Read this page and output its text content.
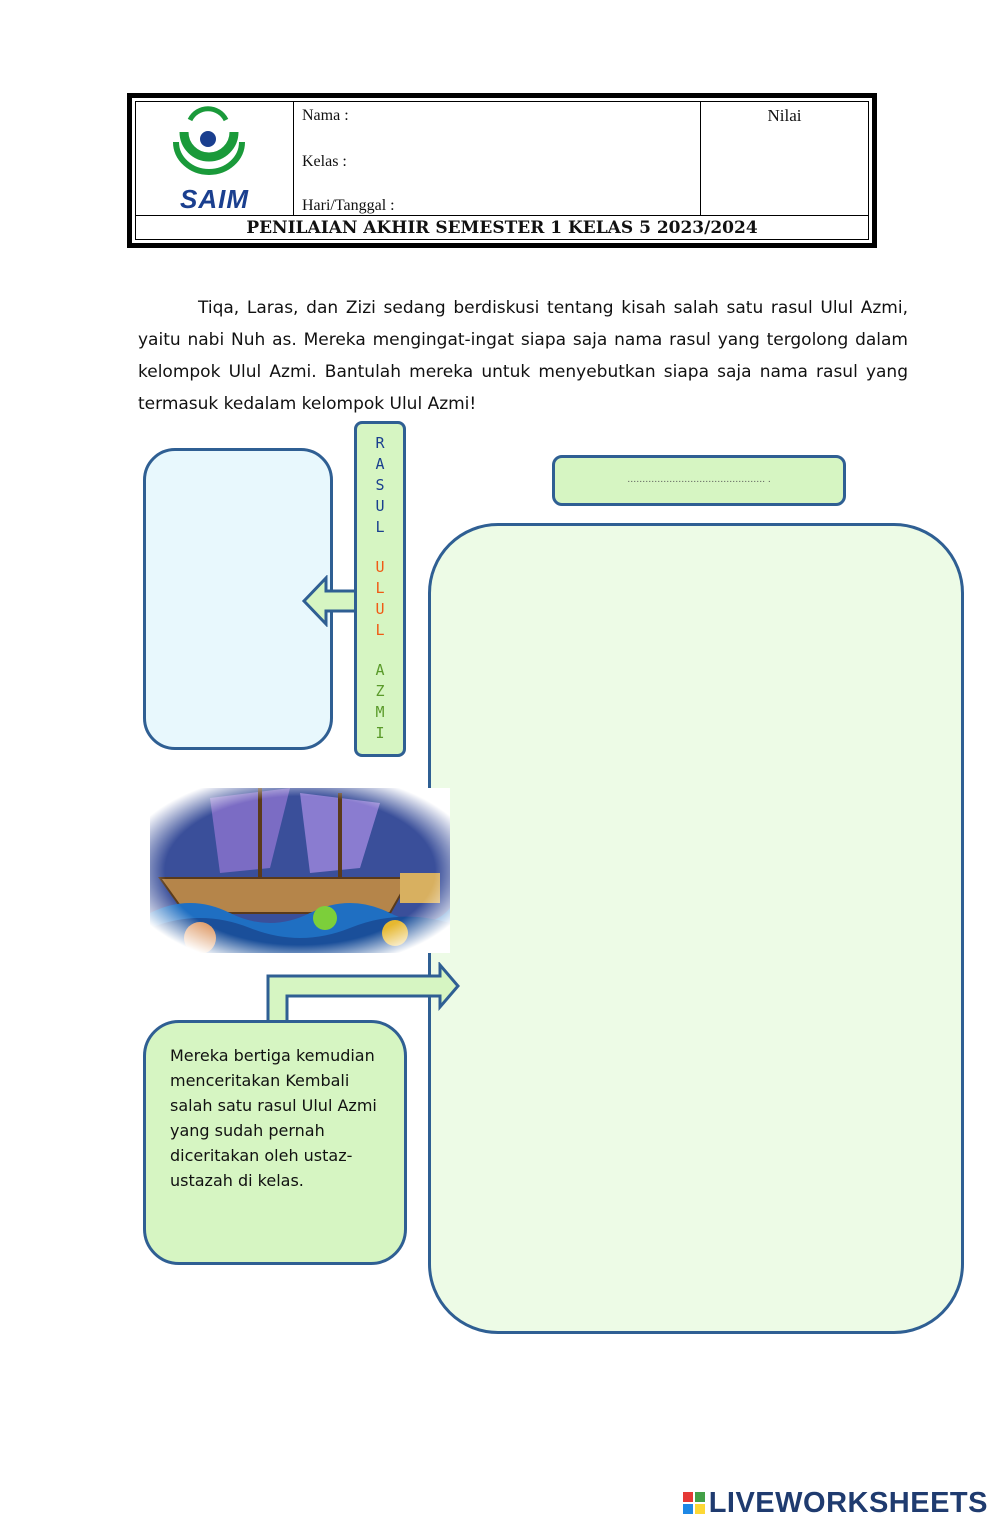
SAIM
Nama :
Kelas :
Hari/Tanggal :
Nilai
PENILAIAN AKHIR SEMESTER 1 KELAS 5 2023/2024
Tiqa, Laras, dan Zizi sedang berdiskusi tentang kisah salah satu rasul Ulul Azmi, yaitu nabi Nuh as. Mereka mengingat-ingat siapa saja nama rasul yang tergolong dalam kelompok Ulul Azmi. Bantulah mereka untuk menyebutkan siapa saja nama rasul yang termasuk kedalam kelompok Ulul Azmi!
R
A
S
U
L
U
L
U
L
A
Z
M
I
………………………………………. .
Mereka bertiga kemudian menceritakan Kembali salah satu rasul Ulul Azmi yang sudah pernah diceritakan oleh ustaz-ustazah di kelas.
LIVEWORKSHEETS
